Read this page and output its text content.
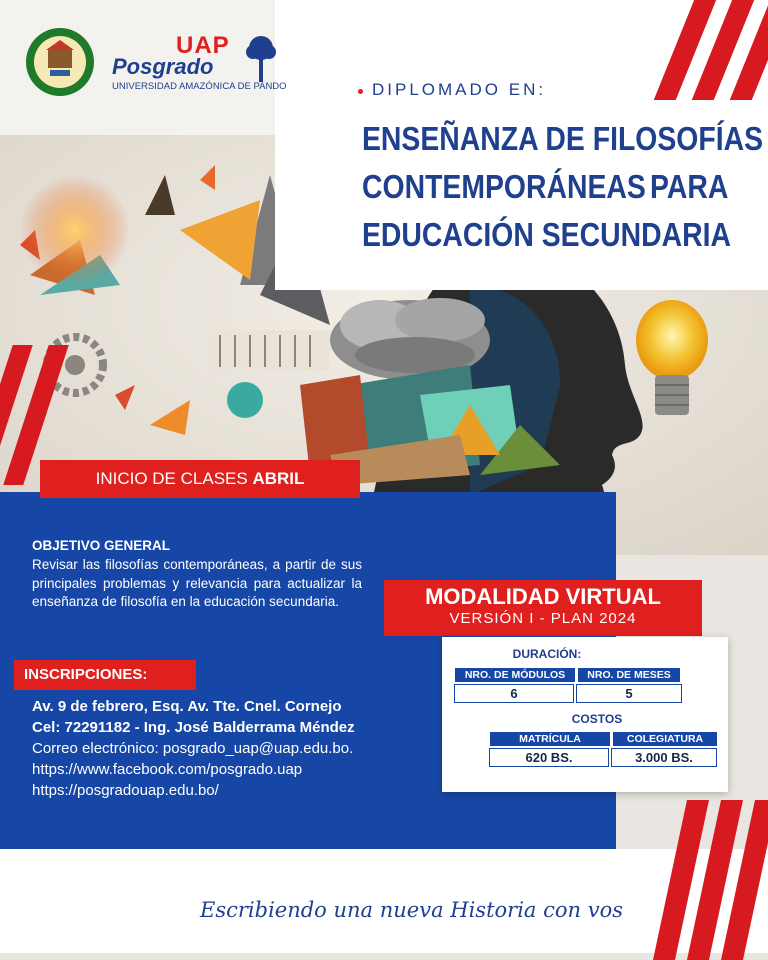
UAP
Posgrado
UNIVERSIDAD AMAZÓNICA DE PANDO	DIPLOMADO EN:
ENSEÑANZA DE FILOSOFÍAS
CONTEMPORÁNEAS PARA
EDUCACIÓN SECUNDARIA
INICIO DE CLASES ABRIL
OBJETIVO GENERAL
Revisar las filosofías contemporáneas, a partir de sus principales problemas y relevancia para actualizar la enseñanza de filosofía en la educación secundaria.	MODALIDAD VIRTUAL
VERSIÓN I - PLAN 2024
DURACIÓN:
NRO. DE MÓDULOS	NRO. DE MESES
6	5
COSTOS
MATRÍCULA	COLEGIATURA
620 BS.	3.000 BS.
INSCRIPCIONES:
Av. 9 de febrero, Esq. Av. Tte. Cnel. Cornejo
Cel: 72291182 - Ing. José Balderrama Méndez
Correo electrónico: posgrado_uap@uap.edu.bo.
https://www.facebook.com/posgrado.uap
https://posgradouap.edu.bo/
Escribiendo una nueva Historia con vos
